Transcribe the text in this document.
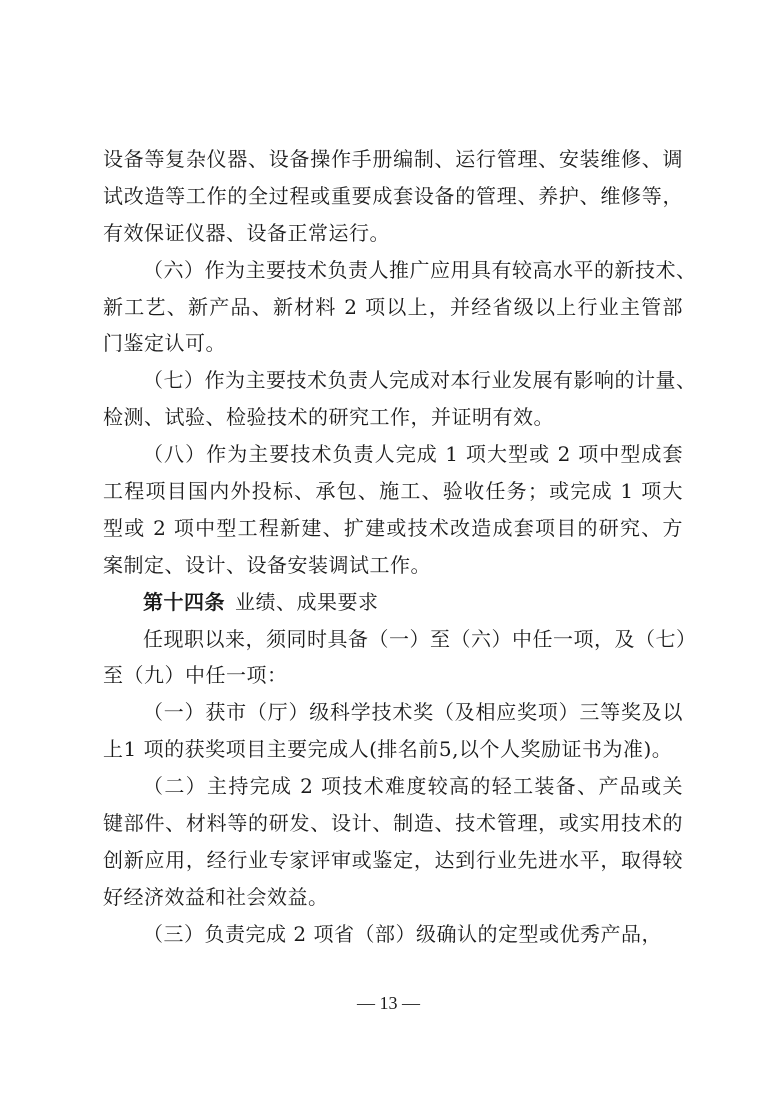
设备等复杂仪器、设备操作手册编制、运行管理、安装维修、调
试改造等工作的全过程或重要成套设备的管理、养护、维修等，
有效保证仪器、设备正常运行。
（六）作为主要技术负责人推广应用具有较高水平的新技术、
新工艺、新产品、新材料 2 项以上，并经省级以上行业主管部
门鉴定认可。
（七）作为主要技术负责人完成对本行业发展有影响的计量、
检测、试验、检验技术的研究工作，并证明有效。
（八）作为主要技术负责人完成 1 项大型或 2 项中型成套
工程项目国内外投标、承包、施工、验收任务；或完成 1 项大
型或 2 项中型工程新建、扩建或技术改造成套项目的研究、方
案制定、设计、设备安装调试工作。
第十四条 业绩、成果要求
任现职以来，须同时具备（一）至（六）中任一项，及（七）
至（九）中任一项：
（一）获市（厅）级科学技术奖（及相应奖项）三等奖及以
上1 项的获奖项目主要完成人(排名前5,以个人奖励证书为准)。
（二）主持完成 2 项技术难度较高的轻工装备、产品或关
键部件、材料等的研发、设计、制造、技术管理，或实用技术的
创新应用，经行业专家评审或鉴定，达到行业先进水平，取得较
好经济效益和社会效益。
（三）负责完成 2 项省（部）级确认的定型或优秀产品，
— 13 —
